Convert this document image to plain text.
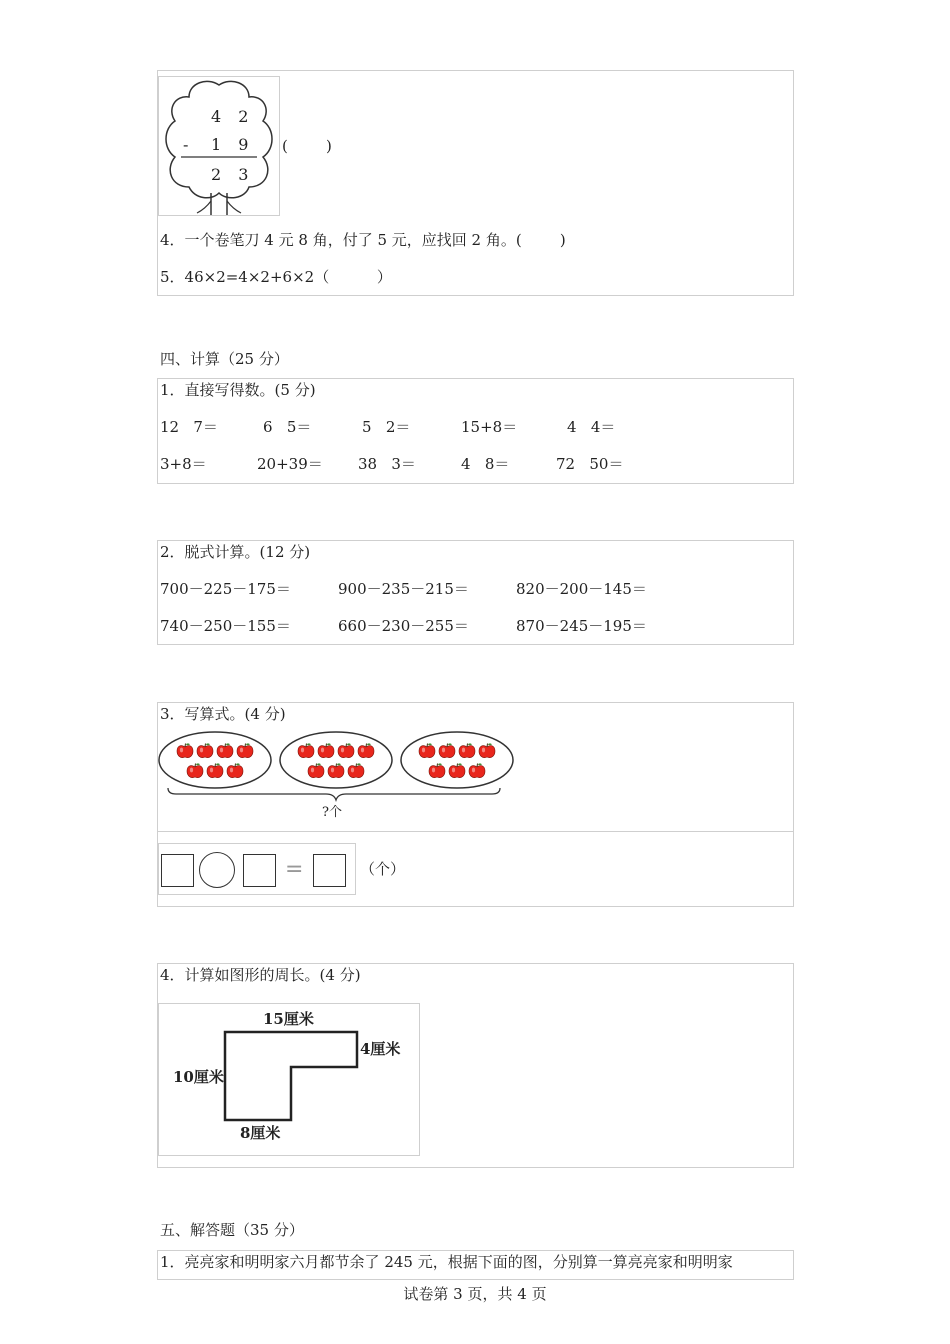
4 2
- 1 9
2 3
(        )
4．一个卷笔刀 4 元 8 角，付了 5 元，应找回 2 角。(        )
5．46×2=4×2+6×2（          ）
四、计算（25 分）
1．直接写得数。(5 分)
12   7＝	6   5＝	5   2＝	15+8＝	4   4＝
3+8＝	20+39＝ 38   3＝	4   8＝	72   50＝
2．脱式计算。(12 分)
700－225－175＝	900－235－215＝	820－200－145＝
740－250－155＝	660－230－255＝	870－245－195＝
3．写算式。(4 分)
?个
=	（个）
4．计算如图形的周长。(4 分)
15厘米
4厘米
10厘米
8厘米
五、解答题（35 分）
1．亮亮家和明明家六月都节余了 245 元，根据下面的图，分别算一算亮亮家和明明家
试卷第 3 页，共 4 页
